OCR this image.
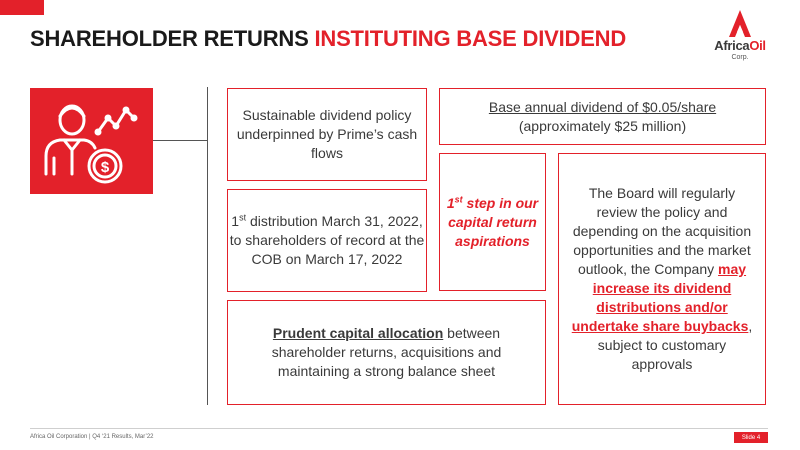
SHAREHOLDER RETURNS INSTITUTING BASE DIVIDEND	AfricaOil
Corp.
$
Sustainable dividend policy underpinned by Prime’s cash flows
Base annual dividend of $0.05/share
(approximately $25 million)
1st distribution March 31, 2022, to shareholders of record at the COB on March 17, 2022
1st step in our capital return aspirations
The Board will regularly review the policy and depending on the acquisition opportunities and the market outlook, the Company may increase its dividend distributions and/or undertake share buybacks, subject to customary approvals
Prudent capital allocation between shareholder returns, acquisitions and maintaining a strong balance sheet
Africa Oil Corporation | Q4 ‘21 Results, Mar’22	Slide 4
